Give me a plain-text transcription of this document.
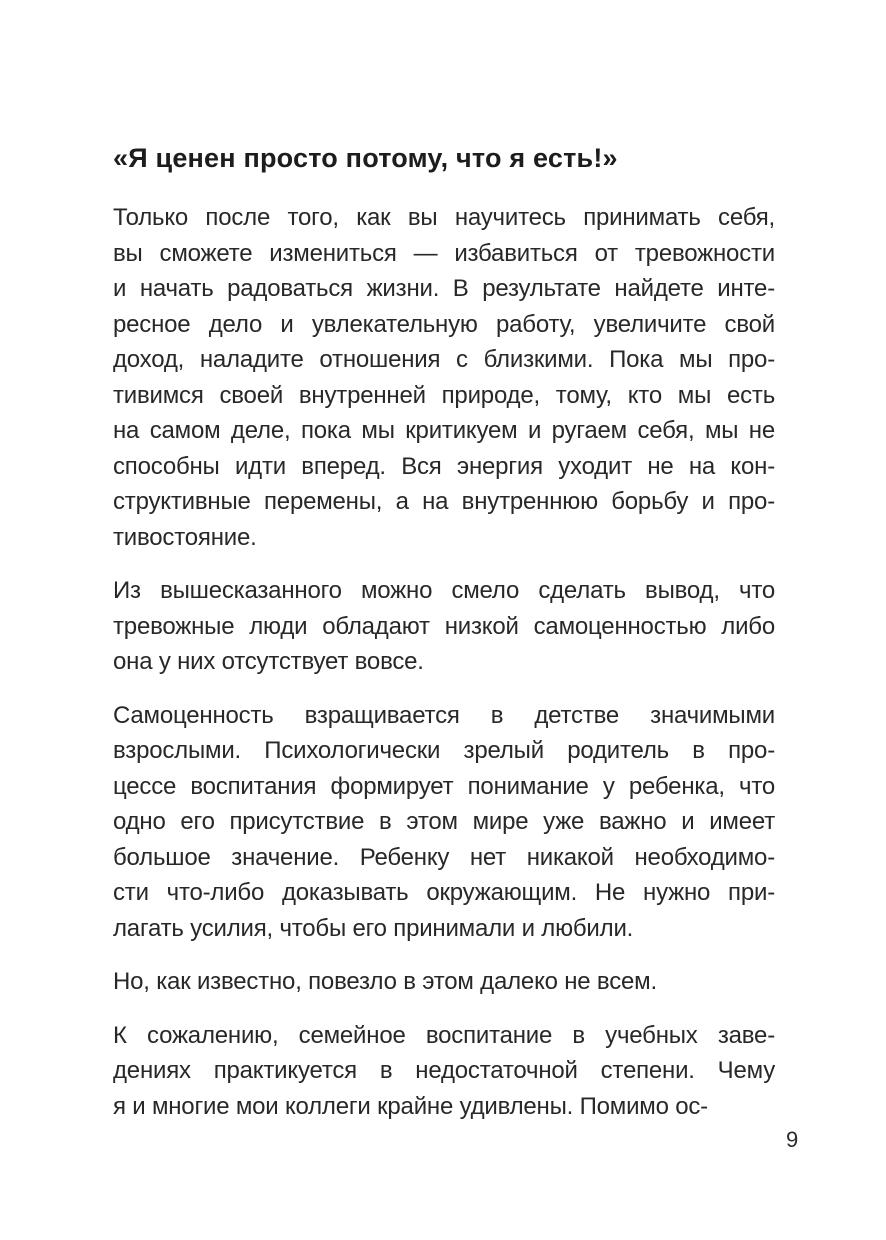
«Я ценен просто потому, что я есть!»

Только после того, как вы научитесь принимать себя,
вы сможете измениться — избавиться от тревожности
и начать радоваться жизни. В результате найдете инте-
ресное дело и увлекательную работу, увеличите свой
доход, наладите отношения с близкими. Пока мы про-
тивимся своей внутренней природе, тому, кто мы есть
на самом деле, пока мы критикуем и ругаем себя, мы не
способны идти вперед. Вся энергия уходит не на кон-
структивные перемены, а на внутреннюю борьбу и про-
тивостояние.

Из вышесказанного можно смело сделать вывод, что
тревожные люди обладают низкой самоценностью либо
она у них отсутствует вовсе.

Самоценность взращивается в детстве значимыми
взрослыми. Психологически зрелый родитель в про-
цессе воспитания формирует понимание у ребенка, что
одно его присутствие в этом мире уже важно и имеет
большое значение. Ребенку нет никакой необходимо-
сти что-либо доказывать окружающим. Не нужно при-
лагать усилия, чтобы его принимали и любили.

Но, как известно, повезло в этом далеко не всем.

К сожалению, семейное воспитание в учебных заве-
дениях практикуется в недостаточной степени. Чему
я и многие мои коллеги крайне удивлены. Помимо ос-

9
